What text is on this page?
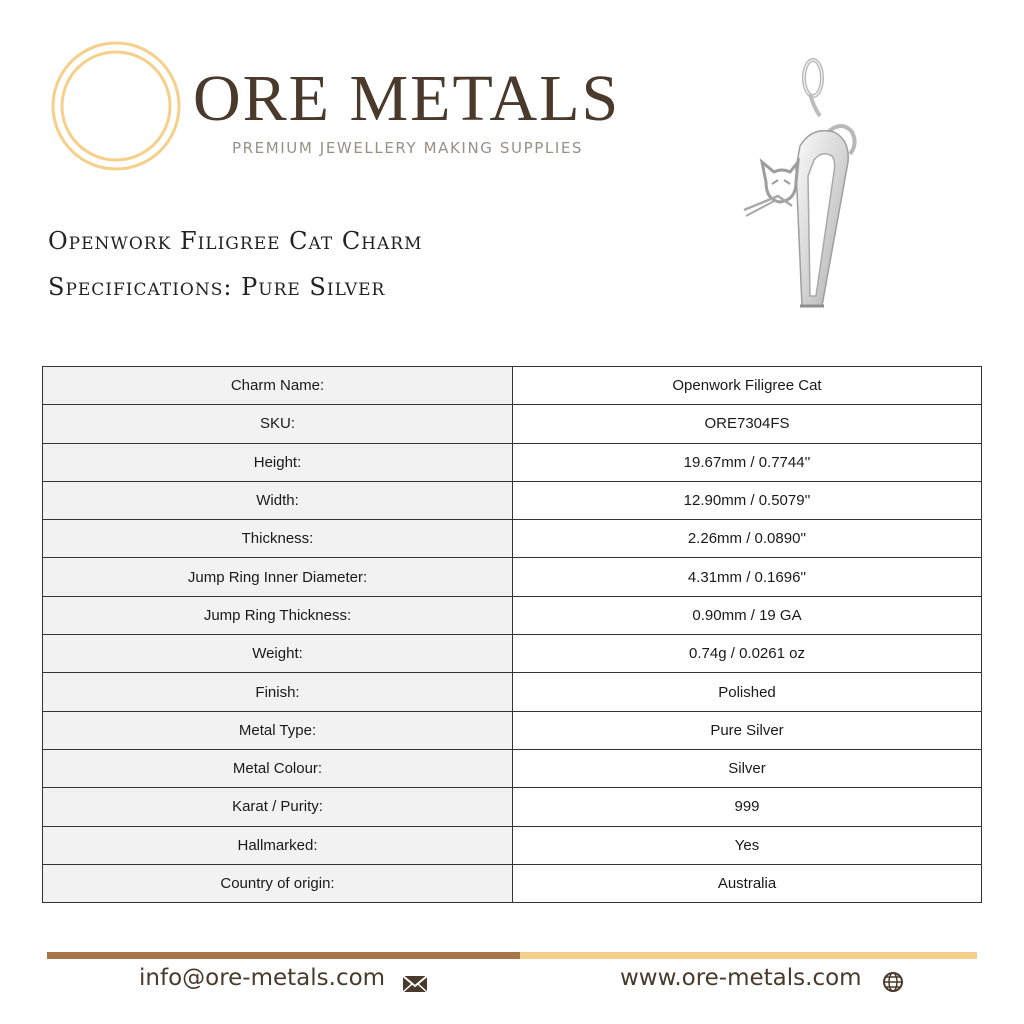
ORE METALS
PREMIUM JEWELLERY MAKING SUPPLIES
Openwork Filigree Cat Charm
Specifications: Pure Silver
Charm Name:	Openwork Filigree Cat
SKU:	ORE7304FS
Height:	19.67mm / 0.7744''
Width:	12.90mm / 0.5079''
Thickness:	2.26mm / 0.0890''
Jump Ring Inner Diameter:	4.31mm / 0.1696''
Jump Ring Thickness:	0.90mm / 19 GA
Weight:	0.74g / 0.0261 oz
Finish:	Polished
Metal Type:	Pure Silver
Metal Colour:	Silver
Karat / Purity:	999
Hallmarked:	Yes
Country of origin:	Australia
info@ore-metals.com	www.ore-metals.com
